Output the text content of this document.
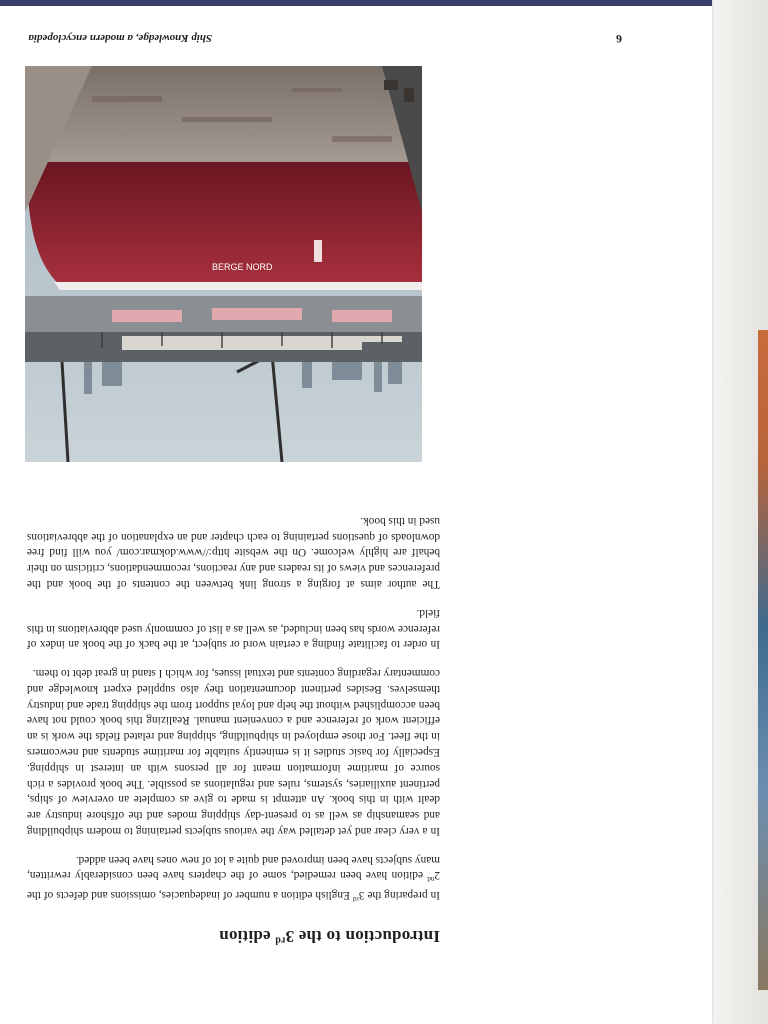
Introduction to the 3rd edition

In preparing the 3rd English edition a number of inadequacies, omissions and defects of the 2nd edition have been remedied, some of the chapters have been considerably rewritten, many subjects have been improved and quite a lot of new ones have been added.

In a very clear and yet detailed way the various subjects pertaining to modern shipbuilding and seamanship as well as to present-day shipping modes and the offshore industry are dealt with in this book. An attempt is made to give as complete an overview of ships, pertinent auxiliaries, systems, rules and regulations as possible. The book provides a rich source of maritime information meant for all persons with an interest in shipping. Especially for basic studies it is eminently suitable for maritime students and newcomers in the fleet. For those employed in shipbuilding, shipping and related fields the work is an efficient work of reference and a convenient manual. Realizing this book could not have been accomplished without the help and loyal support from the shipping trade and industry themselves. Besides pertinent documentation they also supplied expert knowledge and commentary regarding contents and textual issues, for which I stand in great debt to them.

In order to facilitate finding a certain word or subject, at the back of the book an index of reference words has been included, as well as a list of commonly used abbreviations in this field.

The author aims at forging a strong link between the contents of the book and the preferences and views of its readers and any reactions, recommendations, criticism on their behalf are highly welcome. On the website http://www.dokmar.com/ you will find free downloads of questions pertaining to each chapter and an explanation of the abbreviations used in this book.

BERGE NORD
Ship Knowledge, a modern encyclopedia	6
